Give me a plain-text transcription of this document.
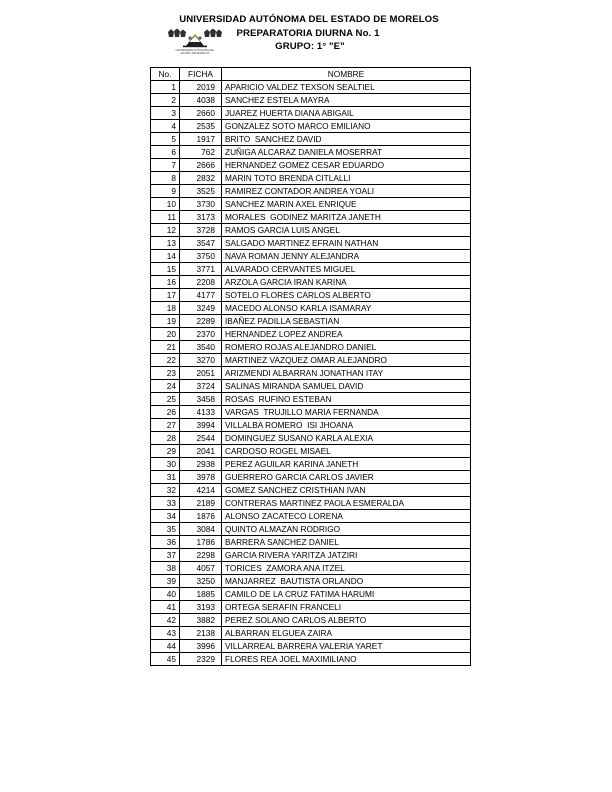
UNIVERSIDAD AUTÓNOMA DEL ESTADO DE MORELOS
PREPARATORIA DIURNA No. 1
GRUPO: 1° "E"
UNIVERSIDAD AUTÓNOMA DEL
ESTADO DE MORELOS
No.	FICHA	NOMBRE
1	2019	APARICIO VALDEZ TEXSON SEALTIEL
2	4038	SANCHEZ ESTELA MAYRA
3	2660	JUAREZ HUERTA DIANA ABIGAIL
4	2535	GONZALEZ SOTO MARCO EMILIANO
5	1917	BRITO  SANCHEZ DAVID
6	762	ZUÑIGA ALCARAZ DANIELA MOSERRAT
7	2666	HERNANDEZ GOMEZ CESAR EDUARDO
8	2832	MARIN TOTO BRENDA CITLALLI
9	3525	RAMIREZ CONTADOR ANDREA YOALI
10	3730	SANCHEZ MARIN AXEL ENRIQUE
11	3173	MORALES  GODINEZ MARITZA JANETH
12	3728	RAMOS GARCIA LUIS ANGEL
13	3547	SALGADO MARTINEZ EFRAIN NATHAN
14	3750	NAVA ROMAN JENNY ALEJANDRA
15	3771	ALVARADO CERVANTES MIGUEL
16	2208	ARZOLA GARCIA IRAN KARINA
17	4177	SOTELO FLORES CARLOS ALBERTO
18	3249	MACEDO ALONSO KARLA ISAMARAY
19	2289	IBAÑEZ PADILLA SEBASTIAN
20	2370	HERNANDEZ LOPEZ ANDREA
21	3540	ROMERO ROJAS ALEJANDRO DANIEL
22	3270	MARTINEZ VAZQUEZ OMAR ALEJANDRO
23	2051	ARIZMENDI ALBARRAN JONATHAN ITAY
24	3724	SALINAS MIRANDA SAMUEL DAVID
25	3458	ROSAS  RUFINO ESTEBAN
26	4133	VARGAS  TRUJILLO MARIA FERNANDA
27	3994	VILLALBA ROMERO  ISI JHOANA
28	2544	DOMINGUEZ SUSANO KARLA ALEXIA
29	2041	CARDOSO ROGEL MISAEL
30	2938	PEREZ AGUILAR KARINA JANETH
31	3978	GUERRERO GARCIA CARLOS JAVIER
32	4214	GOMEZ SANCHEZ CRISTHIAN IVAN
33	2189	CONTRERAS MARTINEZ PAOLA ESMERALDA
34	1876	ALONSO ZACATECO LORENA
35	3084	QUINTO ALMAZAN RODRIGO
36	1786	BARRERA SANCHEZ DANIEL
37	2298	GARCIA RIVERA YARITZA JATZIRI
38	4057	TORICES  ZAMORA ANA ITZEL
39	3250	MANJARREZ  BAUTISTA ORLANDO
40	1885	CAMILO DE LA CRUZ FATIMA HARUMI
41	3193	ORTEGA SERAFIN FRANCELI
42	3882	PEREZ SOLANO CARLOS ALBERTO
43	2138	ALBARRAN ELGUEA ZAIRA
44	3996	VILLARREAL BARRERA VALERIA YARET
45	2329	FLORES REA JOEL MAXIMILIANO
